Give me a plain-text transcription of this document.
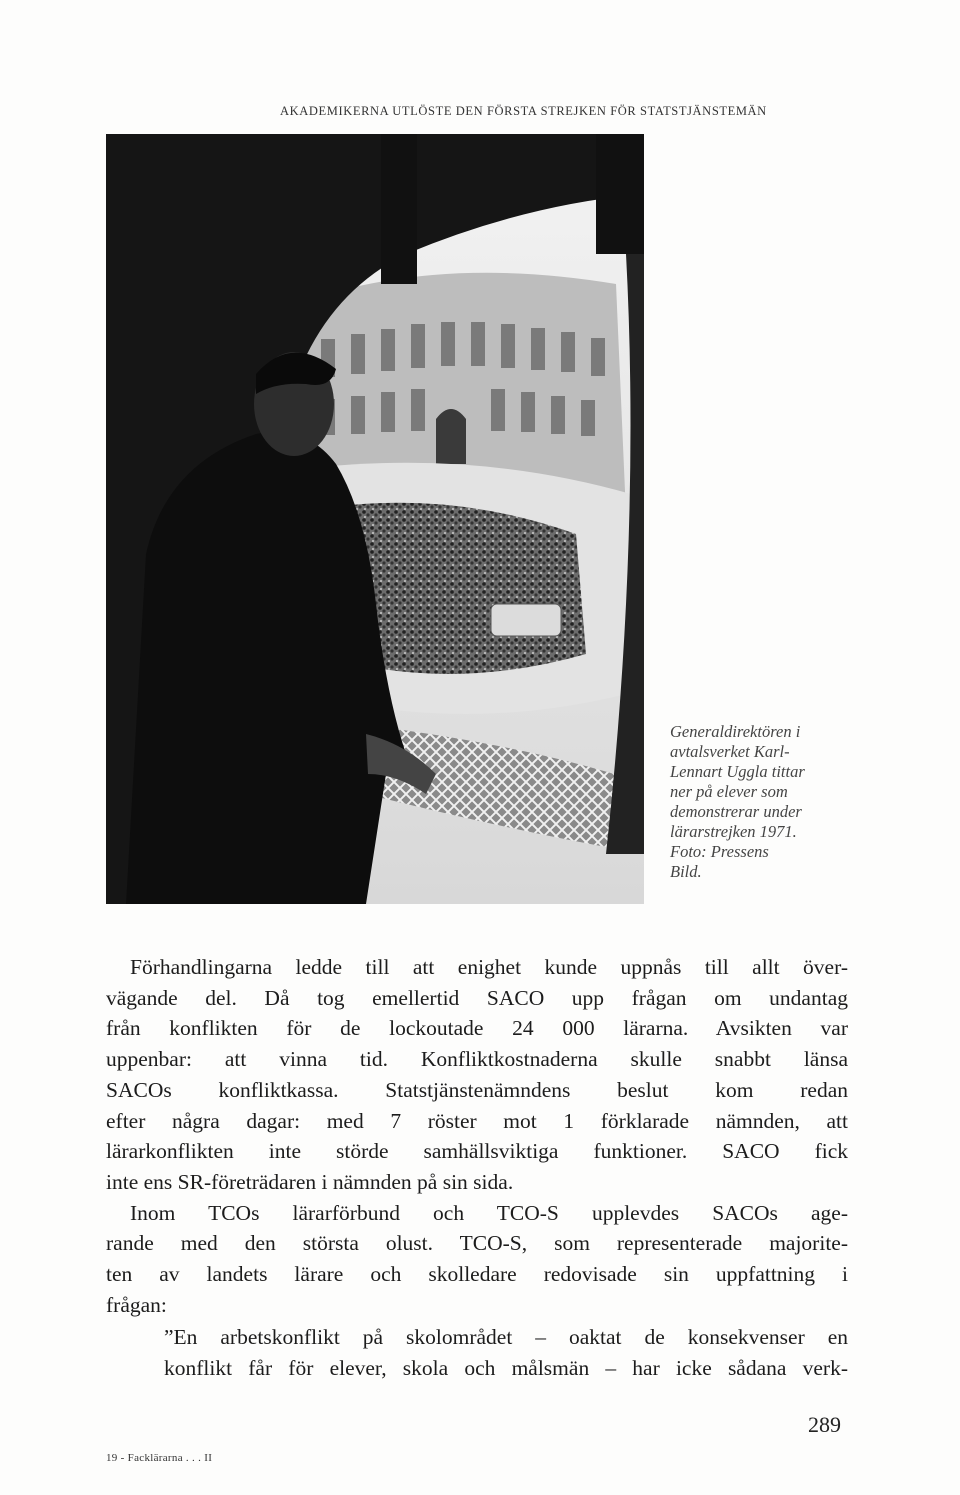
AKADEMIKERNA UTLÖSTE DEN FÖRSTA STREJKEN FÖR STATSTJÄNSTEMÄN
Generaldirektören i
avtalsverket Karl-
Lennart Uggla tittar
ner på elever som
demonstrerar under
lärarstrejken 1971.
Foto: Pressens
Bild.
Förhandlingarna ledde till att enighet kunde uppnås till allt över-
vägande del. Då tog emellertid SACO upp frågan om undantag
från konflikten för de lockoutade 24 000 lärarna. Avsikten var
uppenbar: att vinna tid. Konfliktkostnaderna skulle snabbt länsa
SACOs konfliktkassa. Statstjänstenämndens beslut kom redan
efter några dagar: med 7 röster mot 1 förklarade nämnden, att
lärarkonflikten inte störde samhällsviktiga funktioner. SACO fick
inte ens SR-företrädaren i nämnden på sin sida.
Inom TCOs lärarförbund och TCO-S upplevdes SACOs age-
rande med den största olust. TCO-S, som representerade majorite-
ten av landets lärare och skolledare redovisade sin uppfattning i
frågan:
”En arbetskonflikt på skolområdet – oaktat de konsekvenser en
konflikt får för elever, skola och målsmän – har icke sådana verk-
289
19 - Facklärarna . . . II
